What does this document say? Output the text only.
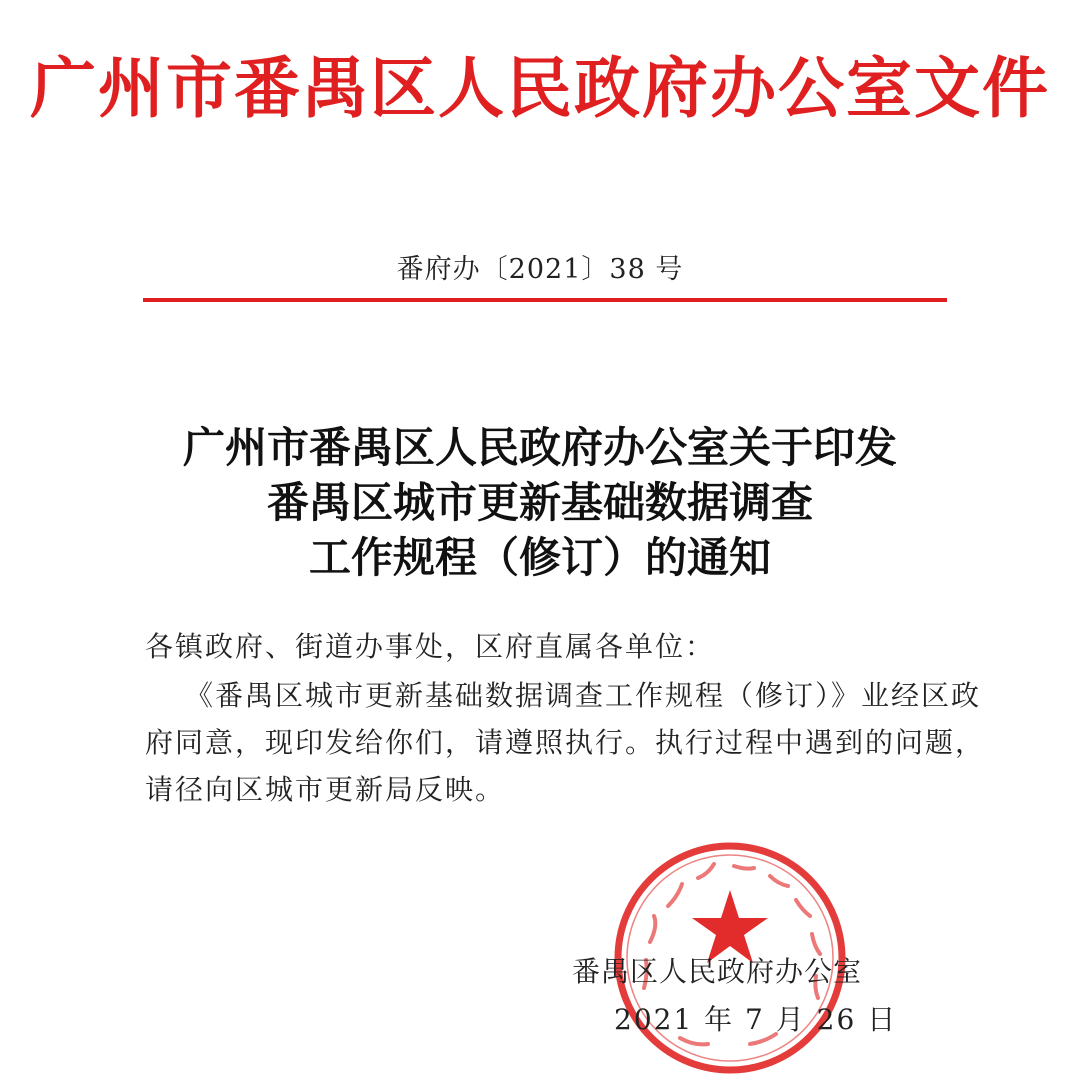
广州市番禺区人民政府办公室文件
番府办〔2021〕38 号
广州市番禺区人民政府办公室关于印发
番禺区城市更新基础数据调查
工作规程（修订）的通知
各镇政府、街道办事处，区府直属各单位：
《番禺区城市更新基础数据调查工作规程（修订）》业经区政
府同意，现印发给你们，请遵照执行。执行过程中遇到的问题，
请径向区城市更新局反映。
番禺区人民政府办公室
2021 年 7 月 26 日
